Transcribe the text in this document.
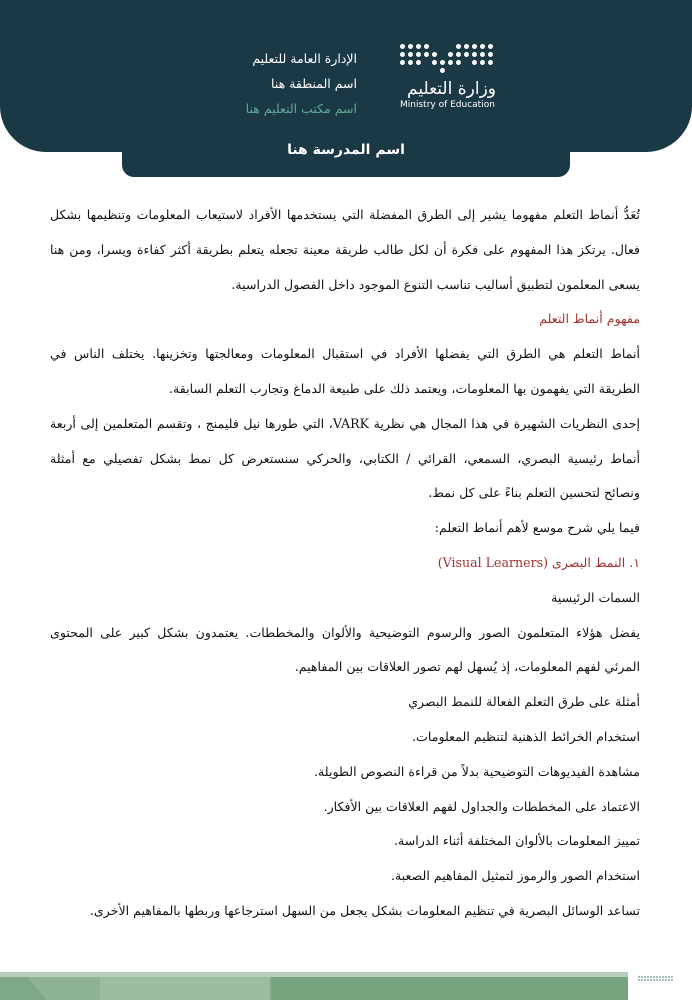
اسم المدرسة هنا
وزارة التعليم
Ministry of Education
الإدارة العامة للتعليم
اسم المنطقة هنا
اسم مكتب التعليم هنا
تُعَدُّ أنماط التعلم مفهوما يشير إلى الطرق المفضلة التي يستخدمها الأفراد لاستيعاب المعلومات وتنظيمها بشكل
فعال. يرتكز هذا المفهوم على فكرة أن لكل طالب طريقة معينة تجعله يتعلم بطريقة أكثر كفاءة ويسرا، ومن هنا
يسعى المعلمون لتطبيق أساليب تناسب التنوع الموجود داخل الفصول الدراسية.
مفهوم أنماط التعلم
أنماط التعلم هي الطرق التي يفضلها الأفراد في استقبال المعلومات ومعالجتها وتخزينها. يختلف الناس في
الطريقة التي يفهمون بها المعلومات، ويعتمد ذلك على طبيعة الدماغ وتجارب التعلم السابقة.
إحدى النظريات الشهيرة في هذا المجال هي نظرية VARK، التي طورها نيل فليمنج ، وتقسم المتعلمين إلى أربعة
أنماط رئيسية البصري، السمعي، القرائي / الكتابي، والحركي سنستعرض كل نمط بشكل تفصيلي مع أمثلة
ونصائح لتحسين التعلم بناءً على كل نمط.
فيما يلي شرح موسع لأهم أنماط التعلم:
١. النمط البصرى (Visual Learners)
السمات الرئيسية
يفضل هؤلاء المتعلمون الصور والرسوم التوضيحية والألوان والمخططات. يعتمدون بشكل كبير على المحتوى
المرئي لفهم المعلومات، إذ يُسهل لهم تصور العلاقات بين المفاهيم.
أمثلة على طرق التعلم الفعالة للنمط البصري
استخدام الخرائط الذهنية لتنظيم المعلومات.
مشاهدة الفيديوهات التوضيحية بدلاً من قراءة النصوص الطويلة.
الاعتماد على المخططات والجداول لفهم العلاقات بين الأفكار.
تمييز المعلومات بالألوان المختلفة أثناء الدراسة.
استخدام الصور والرموز لتمثيل المفاهيم الصعبة.
تساعد الوسائل البصرية في تنظيم المعلومات بشكل يجعل من السهل استرجاعها وربطها بالمفاهيم الأخرى.
